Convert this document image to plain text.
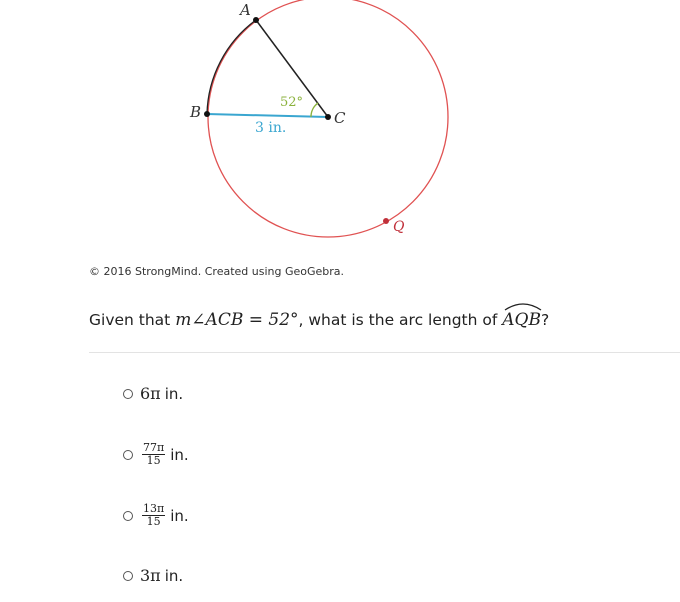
A
B	C
Q
52°
3 in.
© 2016 StrongMind. Created using GeoGebra.
Given that m∠ACB = 52°, what is the arc length of
AQB?
6π in.
$\frac{77\pi}{15}$ in.
$\frac{13\pi}{15}$ in.
3π in.
